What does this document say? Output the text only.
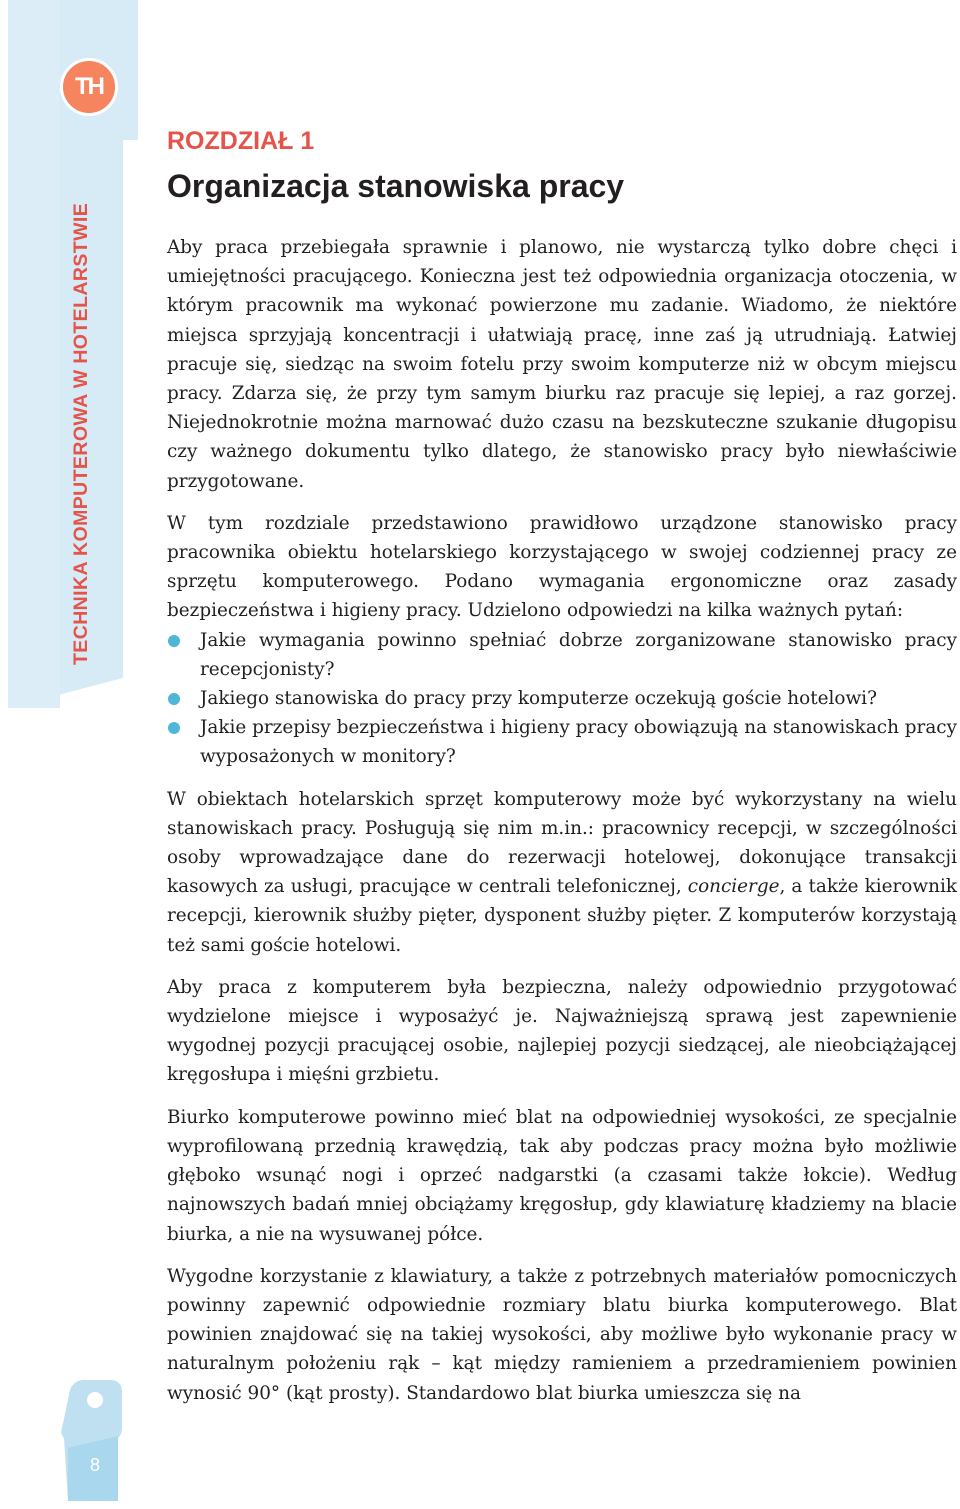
TH
TECHNIKA KOMPUTEROWA W HOTELARSTWIE
8
ROZDZIAŁ 1
Organizacja stanowiska pracy

Aby praca przebiegała sprawnie i planowo, nie wystarczą tylko dobre chęci i umiejętności pracującego. Konieczna jest też odpowiednia organizacja otoczenia, w którym pracownik ma wykonać powierzone mu zadanie. Wiadomo, że niektóre miejsca sprzyjają koncentracji i ułatwiają pracę, inne zaś ją utrudniają. Łatwiej pracuje się, siedząc na swoim fotelu przy swoim komputerze niż w obcym miejscu pracy. Zdarza się, że przy tym samym biurku raz pracuje się lepiej, a raz gorzej. Niejednokrotnie można marnować dużo czasu na bezskuteczne szukanie długopisu czy ważnego dokumentu tylko dlatego, że stanowisko pracy było niewłaściwie przygotowane.

W tym rozdziale przedstawiono prawidłowo urządzone stanowisko pracy pracownika obiektu hotelarskiego korzystającego w swojej codziennej pracy ze sprzętu komputerowego. Podano wymagania ergonomiczne oraz zasady bezpieczeństwa i higieny pracy. Udzielono odpowiedzi na kilka ważnych pytań:

Jakie wymagania powinno spełniać dobrze zorganizowane stanowisko pracy recepcjonisty?
Jakiego stanowiska do pracy przy komputerze oczekują goście hotelowi?
Jakie przepisy bezpieczeństwa i higieny pracy obowiązują na stanowiskach pracy wyposażonych w monitory?

W obiektach hotelarskich sprzęt komputerowy może być wykorzystany na wielu stanowiskach pracy. Posługują się nim m.in.: pracownicy recepcji, w szczególności osoby wprowadzające dane do rezerwacji hotelowej, dokonujące transakcji kasowych za usługi, pracujące w centrali telefonicznej, concierge, a także kierownik recepcji, kierownik służby pięter, dysponent służby pięter. Z komputerów korzystają też sami goście hotelowi.

Aby praca z komputerem była bezpieczna, należy odpowiednio przygotować wydzielone miejsce i wyposażyć je. Najważniejszą sprawą jest zapewnienie wygodnej pozycji pracującej osobie, najlepiej pozycji siedzącej, ale nieobciążającej kręgosłupa i mięśni grzbietu.

Biurko komputerowe powinno mieć blat na odpowiedniej wysokości, ze specjalnie wyprofilowaną przednią krawędzią, tak aby podczas pracy można było możliwie głęboko wsunąć nogi i oprzeć nadgarstki (a czasami także łokcie). Według najnowszych badań mniej obciążamy kręgosłup, gdy klawiaturę kładziemy na blacie biurka, a nie na wysuwanej półce.

Wygodne korzystanie z klawiatury, a także z potrzebnych materiałów pomocniczych powinny zapewnić odpowiednie rozmiary blatu biurka komputerowego. Blat powinien znajdować się na takiej wysokości, aby możliwe było wykonanie pracy w naturalnym położeniu rąk – kąt między ramieniem a przedramieniem powinien wynosić 90° (kąt prosty). Standardowo blat biurka umieszcza się na
